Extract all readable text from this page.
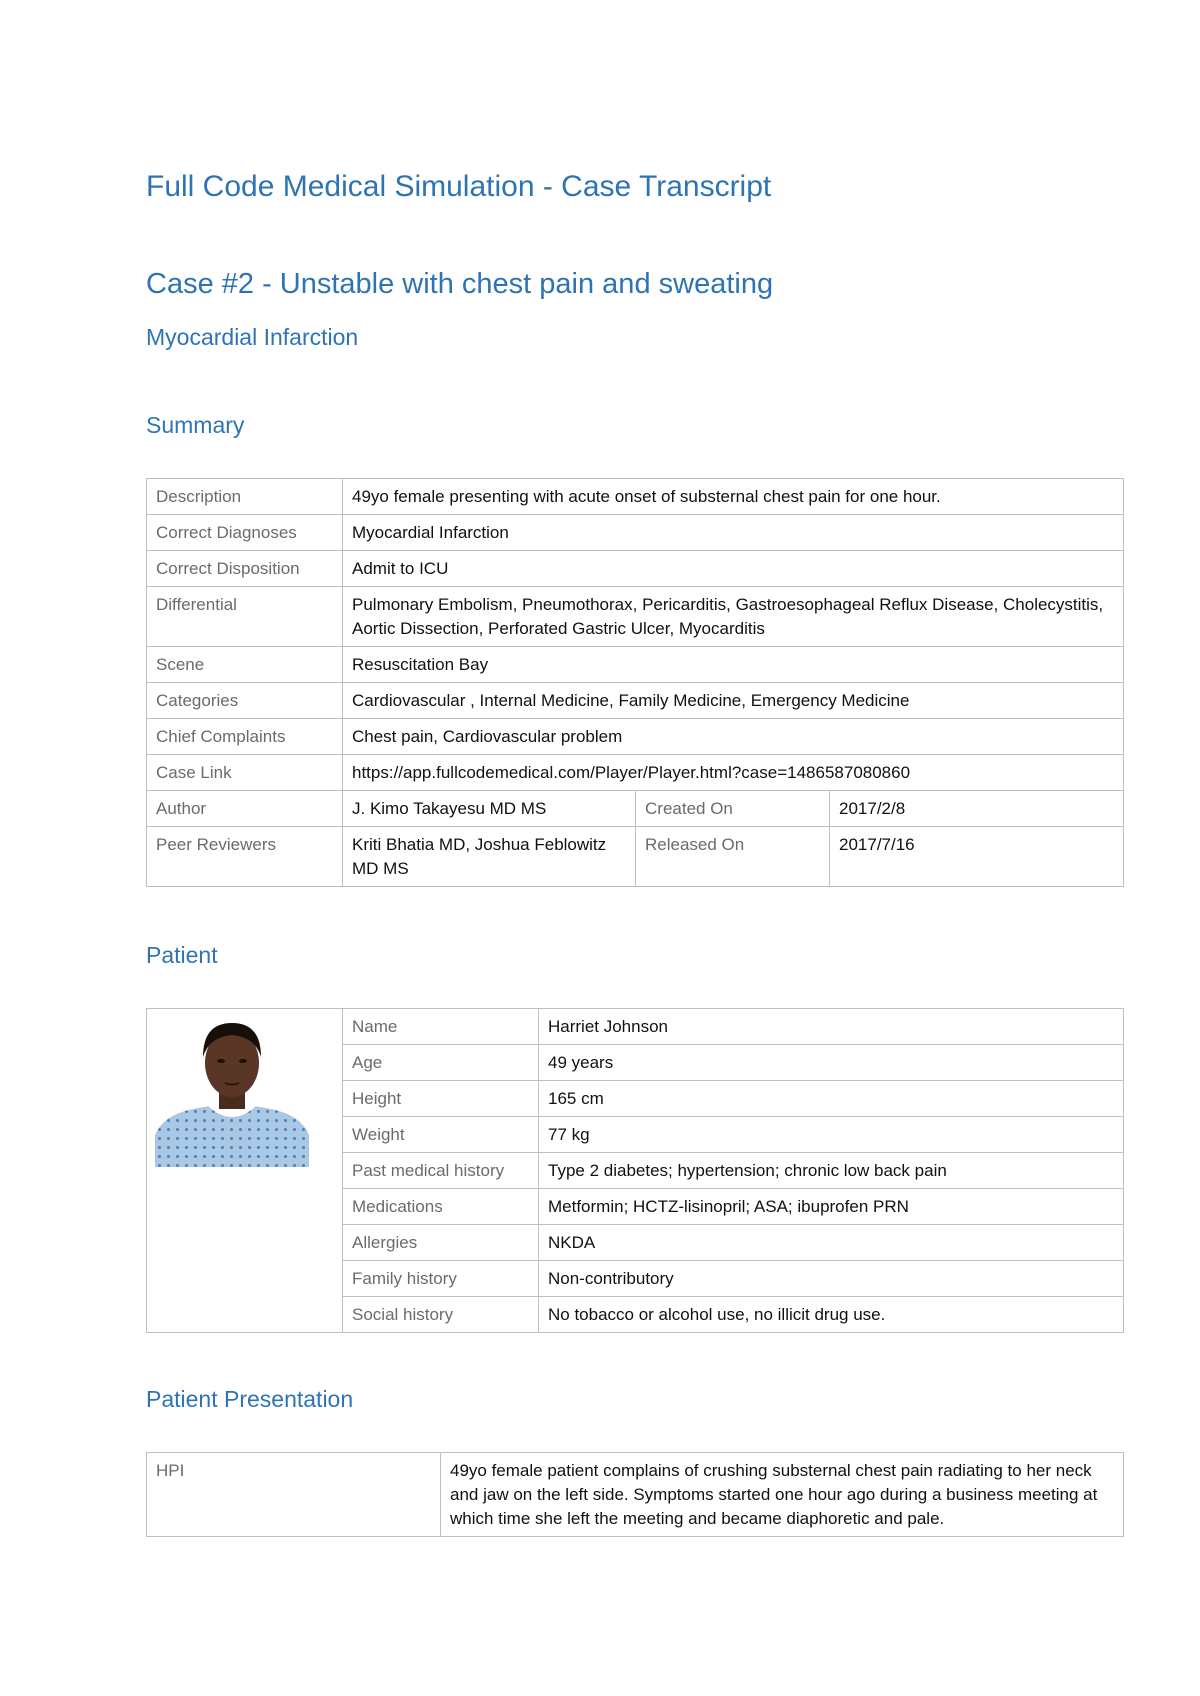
Full Code Medical Simulation - Case Transcript
Case #2 - Unstable with chest pain and sweating
Myocardial Infarction
Summary
Description	49yo female presenting with acute onset of substernal chest pain for one hour.		
Correct Diagnoses	Myocardial Infarction		
Correct Disposition	Admit to ICU		
Differential	Pulmonary Embolism, Pneumothorax, Pericarditis, Gastroesophageal Reflux Disease, Cholecystitis, Aortic Dissection, Perforated Gastric Ulcer, Myocarditis		
Scene	Resuscitation Bay		
Categories	Cardiovascular , Internal Medicine, Family Medicine, Emergency Medicine		
Chief Complaints	Chest pain, Cardiovascular problem		
Case Link	https://app.fullcodemedical.com/Player/Player.html?case=1486587080860		
Author	J. Kimo Takayesu MD MS	Created On	2017/2/8
Peer Reviewers	Kriti Bhatia MD, Joshua Feblowitz MD MS	Released On	2017/7/16
Patient
	Name	Harriet Johnson
	Age	49 years
	Height	165 cm
	Weight	77 kg
	Past medical history	Type 2 diabetes; hypertension; chronic low back pain
	Medications	Metformin; HCTZ-lisinopril; ASA; ibuprofen PRN
	Allergies	NKDA
	Family history	Non-contributory
	Social history	No tobacco or alcohol use, no illicit drug use.
Patient Presentation
HPI	49yo female patient complains of crushing substernal chest pain radiating to her neck and jaw on the left side. Symptoms started one hour ago during a business meeting at which time she left the meeting and became diaphoretic and pale.
